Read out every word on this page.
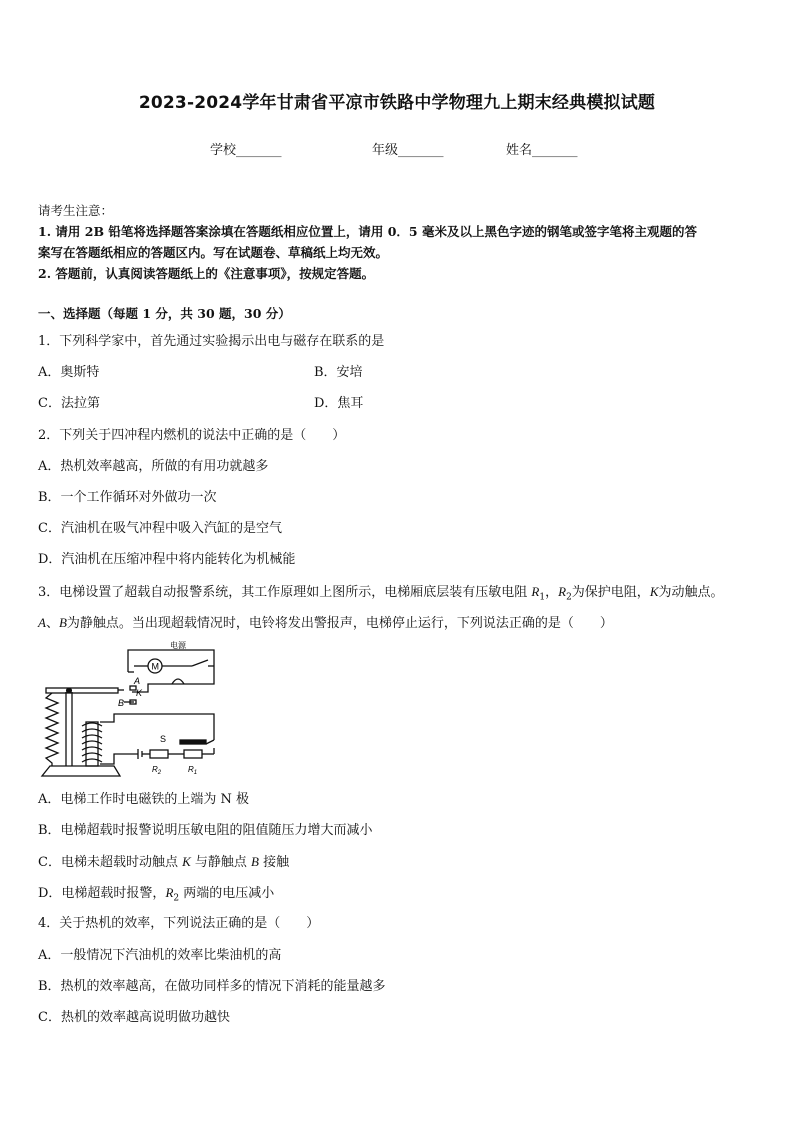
2023-2024学年甘肃省平凉市铁路中学物理九上期末经典模拟试题
学校_______	年级_______	姓名_______
请考生注意：
1. 请用 2B 铅笔将选择题答案涂填在答题纸相应位置上，请用 0．5 毫米及以上黑色字迹的钢笔或签字笔将主观题的答
案写在答题纸相应的答题区内。写在试题卷、草稿纸上均无效。
2. 答题前，认真阅读答题纸上的《注意事项》，按规定答题。
一、选择题（每题 1 分，共 30 题，30 分）
1．下列科学家中，首先通过实验揭示出电与磁存在联系的是
A．奥斯特	B．安培
C．法拉第	D．焦耳
2．下列关于四冲程内燃机的说法中正确的是（　　）
A．热机效率越高，所做的有用功就越多
B．一个工作循环对外做功一次
C．汽油机在吸气冲程中吸入汽缸的是空气
D．汽油机在压缩冲程中将内能转化为机械能
3．电梯设置了超载自动报警系统，其工作原理如上图所示，电梯厢底层装有压敏电阻 $R_1$，$R_2$为保护电阻，K为动触点。
A、B为静触点。当出现超载情况时，电铃将发出警报声，电梯停止运行，下列说法正确的是（　　）
电源
M
A
K
B
S
$R_2$	$R_1$
A．电梯工作时电磁铁的上端为 N 极
B．电梯超载时报警说明压敏电阻的阻值随压力增大而减小
C．电梯未超载时动触点 K 与静触点 B 接触
D．电梯超载时报警，$R_2$ 两端的电压减小
4．关于热机的效率，下列说法正确的是（　　）
A．一般情况下汽油机的效率比柴油机的高
B．热机的效率越高，在做功同样多的情况下消耗的能量越多
C．热机的效率越高说明做功越快
